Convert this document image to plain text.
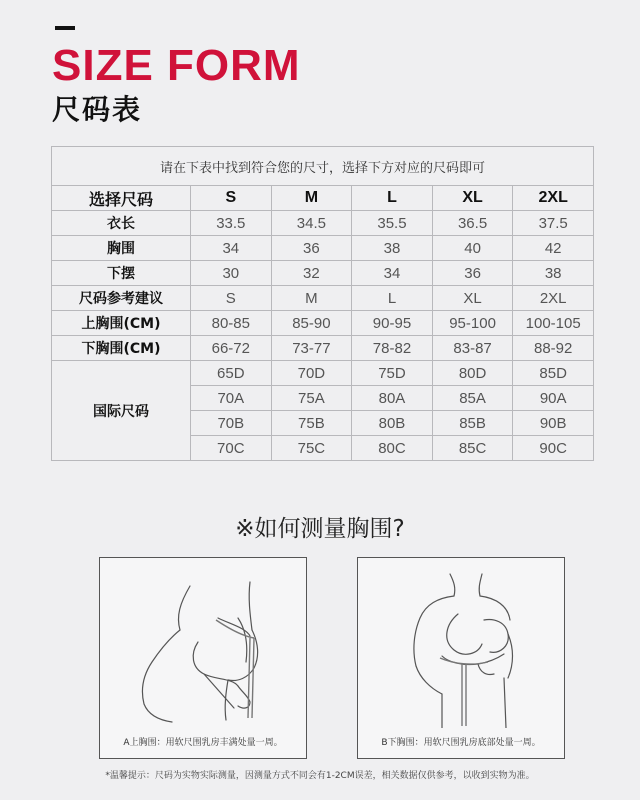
SIZE FORM
尺码表
请在下表中找到符合您的尺寸，选择下方对应的尺码即可					
选择尺码	S	M	L	XL	2XL
衣长	33.5	34.5	35.5	36.5	37.5
胸围	34	36	38	40	42
下摆	30	32	34	36	38
尺码参考建议	S	M	L	XL	2XL
上胸围(CM)	80-85	85-90	90-95	95-100	100-105
下胸围(CM)	66-72	73-77	78-82	83-87	88-92
国际尺码	65D	70D	75D	80D	85D
	70A	75A	80A	85A	90A
	70B	75B	80B	85B	90B
	70C	75C	80C	85C	90C
※如何测量胸围?
A上胸围：用软尺围乳房丰满处量一周。	B下胸围：用软尺围乳房底部处量一周。
*温馨提示：尺码为实物实际测量，因测量方式不同会有1-2CM误差，相关数据仅供参考，以收到实物为准。
